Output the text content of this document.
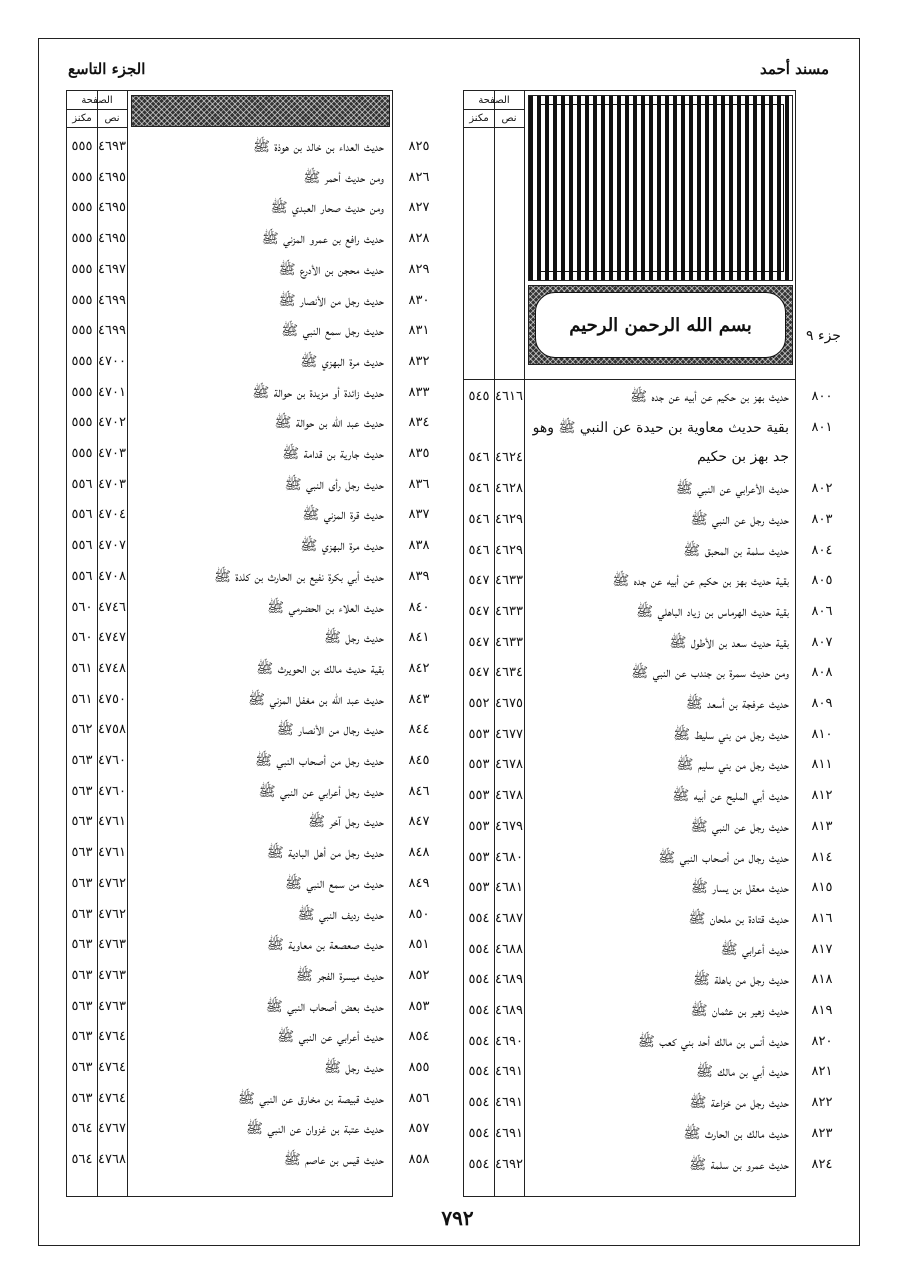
مسند أحمد
الجزء التاسع
الصفحة
مكنز	نص
بسم الله الرحمن الرحيم
٨٠٠
حديث بهز بن حكيم عن أبيه عن جده ﷺ
٤٦١٦
٥٤٥
٨٠١
بقية حديث معاوية بن حيدة عن النبي ﷺ وهو
جد بهز بن حكيم
٤٦٢٤
٥٤٦
٨٠٢
حديث الأعرابي عن النبي ﷺ
٤٦٢٨
٥٤٦
٨٠٣
حديث رجل عن النبي ﷺ
٤٦٢٩
٥٤٦
٨٠٤
حديث سلمة بن المحبق ﷺ
٤٦٢٩
٥٤٦
٨٠٥
بقية حديث بهز بن حكيم عن أبيه عن جده ﷺ
٤٦٣٣
٥٤٧
٨٠٦
بقية حديث الهرماس بن زياد الباهلي ﷺ
٤٦٣٣
٥٤٧
٨٠٧
بقية حديث سعد بن الأطول ﷺ
٤٦٣٣
٥٤٧
٨٠٨
ومن حديث سمرة بن جندب عن النبي ﷺ
٤٦٣٤
٥٤٧
٨٠٩
حديث عرفجة بن أسعد ﷺ
٤٦٧٥
٥٥٢
٨١٠
حديث رجل من بني سليط ﷺ
٤٦٧٧
٥٥٣
٨١١
حديث رجل من بني سليم ﷺ
٤٦٧٨
٥٥٣
٨١٢
حديث أبي المليح عن أبيه ﷺ
٤٦٧٨
٥٥٣
٨١٣
حديث رجل عن النبي ﷺ
٤٦٧٩
٥٥٣
٨١٤
حديث رجال من أصحاب النبي ﷺ
٤٦٨٠
٥٥٣
٨١٥
حديث معقل بن يسار ﷺ
٤٦٨١
٥٥٣
٨١٦
حديث قتادة بن ملحان ﷺ
٤٦٨٧
٥٥٤
٨١٧
حديث أعرابي ﷺ
٤٦٨٨
٥٥٤
٨١٨
حديث رجل من باهلة ﷺ
٤٦٨٩
٥٥٤
٨١٩
حديث زهير بن عثمان ﷺ
٤٦٨٩
٥٥٤
٨٢٠
حديث أنس بن مالك أحد بني كعب ﷺ
٤٦٩٠
٥٥٤
٨٢١
حديث أبي بن مالك ﷺ
٤٦٩١
٥٥٤
٨٢٢
حديث رجل من خزاعة ﷺ
٤٦٩١
٥٥٤
٨٢٣
حديث مالك بن الحارث ﷺ
٤٦٩١
٥٥٤
٨٢٤
حديث عمرو بن سلمة ﷺ
٤٦٩٢
٥٥٤
جزء ٩
الصفحة
مكنز	نص
٨٢٥
حديث العداء بن خالد بن هوذة ﷺ
٤٦٩٣
٥٥٥
٨٢٦
ومن حديث أحمر ﷺ
٤٦٩٥
٥٥٥
٨٢٧
ومن حديث صحار العبدي ﷺ
٤٦٩٥
٥٥٥
٨٢٨
حديث رافع بن عمرو المزني ﷺ
٤٦٩٥
٥٥٥
٨٢٩
حديث محجن بن الأدرع ﷺ
٤٦٩٧
٥٥٥
٨٣٠
حديث رجل من الأنصار ﷺ
٤٦٩٩
٥٥٥
٨٣١
حديث رجل سمع النبي ﷺ
٤٦٩٩
٥٥٥
٨٣٢
حديث مرة البهزي ﷺ
٤٧٠٠
٥٥٥
٨٣٣
حديث زائدة أو مزيدة بن حوالة ﷺ
٤٧٠١
٥٥٥
٨٣٤
حديث عبد الله بن حوالة ﷺ
٤٧٠٢
٥٥٥
٨٣٥
حديث جارية بن قدامة ﷺ
٤٧٠٣
٥٥٥
٨٣٦
حديث رجل رأى النبي ﷺ
٤٧٠٣
٥٥٦
٨٣٧
حديث قرة المزني ﷺ
٤٧٠٤
٥٥٦
٨٣٨
حديث مرة البهزي ﷺ
٤٧٠٧
٥٥٦
٨٣٩
حديث أبي بكرة نفيع بن الحارث بن كلدة ﷺ
٤٧٠٨
٥٥٦
٨٤٠
حديث العلاء بن الحضرمي ﷺ
٤٧٤٦
٥٦٠
٨٤١
حديث رجل ﷺ
٤٧٤٧
٥٦٠
٨٤٢
بقية حديث مالك بن الحويرث ﷺ
٤٧٤٨
٥٦١
٨٤٣
حديث عبد الله بن مغفل المزني ﷺ
٤٧٥٠
٥٦١
٨٤٤
حديث رجال من الأنصار ﷺ
٤٧٥٨
٥٦٢
٨٤٥
حديث رجل من أصحاب النبي ﷺ
٤٧٦٠
٥٦٣
٨٤٦
حديث رجل أعرابي عن النبي ﷺ
٤٧٦٠
٥٦٣
٨٤٧
حديث رجل آخر ﷺ
٤٧٦١
٥٦٣
٨٤٨
حديث رجل من أهل البادية ﷺ
٤٧٦١
٥٦٣
٨٤٩
حديث من سمع النبي ﷺ
٤٧٦٢
٥٦٣
٨٥٠
حديث رديف النبي ﷺ
٤٧٦٢
٥٦٣
٨٥١
حديث صعصعة بن معاوية ﷺ
٤٧٦٣
٥٦٣
٨٥٢
حديث ميسرة الفجر ﷺ
٤٧٦٣
٥٦٣
٨٥٣
حديث بعض أصحاب النبي ﷺ
٤٧٦٣
٥٦٣
٨٥٤
حديث أعرابي عن النبي ﷺ
٤٧٦٤
٥٦٣
٨٥٥
حديث رجل ﷺ
٤٧٦٤
٥٦٣
٨٥٦
حديث قبيصة بن مخارق عن النبي ﷺ
٤٧٦٤
٥٦٣
٨٥٧
حديث عتبة بن غزوان عن النبي ﷺ
٤٧٦٧
٥٦٤
٨٥٨
حديث قيس بن عاصم ﷺ
٤٧٦٨
٥٦٤
٧٩٢
